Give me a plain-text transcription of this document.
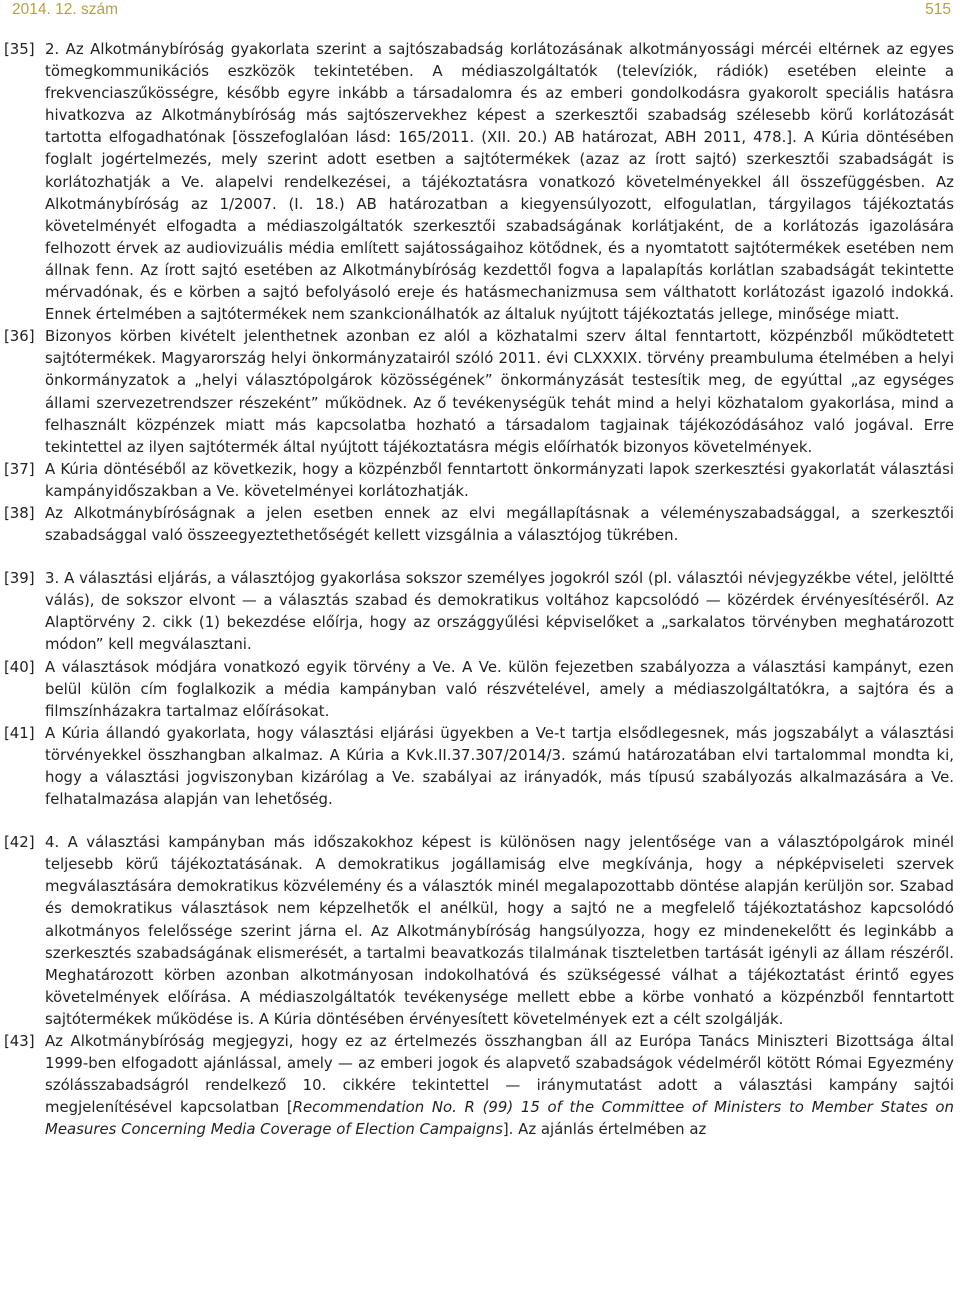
2014. 12. szám	515
[35] 2. Az Alkotmánybíróság gyakorlata szerint a sajtószabadság korlátozásának alkotmányossági mércéi eltérnek az egyes tömegkommunikációs eszközök tekintetében. A médiaszolgáltatók (televíziók, rádiók) esetében eleinte a frekvenciaszűkösségre, később egyre inkább a társadalomra és az emberi gondolkodásra gyakorolt speciális hatásra hivatkozva az Alkotmánybíróság más sajtószervekhez képest a szerkesztői szabadság szélesebb körű korlátozását tartotta elfogadhatónak [összefoglalóan lásd: 165/2011. (XII. 20.) AB határozat, ABH 2011, 478.]. A Kúria döntésében foglalt jogértelmezés, mely szerint adott esetben a sajtótermékek (azaz az írott sajtó) szerkesztői szabadságát is korlátozhatják a Ve. alapelvi rendelkezései, a tájékoztatásra vonatkozó követelményekkel áll összefüggésben. Az Alkotmánybíróság az 1/2007. (I. 18.) AB határozatban a kiegyensúlyozott, elfogulatlan, tárgyilagos tájékoztatás követelményét elfogadta a médiaszolgáltatók szerkesztői szabadságának korlátjaként, de a korlátozás igazolására felhozott érvek az audiovizuális média említett sajátosságaihoz kötődnek, és a nyomtatott sajtótermékek esetében nem állnak fenn. Az írott sajtó esetében az Alkotmánybíróság kezdettől fogva a lapalapítás korlátlan szabadságát tekintette mérvadónak, és e körben a sajtó befolyásoló ereje és hatásmechanizmusa sem válthatott korlátozást igazoló indokká. Ennek értelmében a sajtótermékek nem szankcionálhatók az általuk nyújtott tájékoztatás jellege, minősége miatt.
[36] Bizonyos körben kivételt jelenthetnek azonban ez alól a közhatalmi szerv által fenntartott, közpénzből működtetett sajtótermékek. Magyarország helyi önkormányzatairól szóló 2011. évi CLXXXIX. törvény preambuluma ételmében a helyi önkormányzatok a „helyi választópolgárok közösségének” önkormányzását testesítik meg, de egyúttal „az egységes állami szervezetrendszer részeként” működnek. Az ő tevékenységük tehát mind a helyi közhatalom gyakorlása, mind a felhasznált közpénzek miatt más kapcsolatba hozható a társadalom tagjainak tájékozódásához való jogával. Erre tekintettel az ilyen sajtótermék által nyújtott tájékoztatásra mégis előírhatók bizonyos követelmények.
[37] A Kúria döntéséből az következik, hogy a közpénzből fenntartott önkormányzati lapok szerkesztési gyakorlatát választási kampányidőszakban a Ve. követelményei korlátozhatják.
[38] Az Alkotmánybíróságnak a jelen esetben ennek az elvi megállapításnak a véleményszabadsággal, a szerkesztői szabadsággal való összeegyeztethetőségét kellett vizsgálnia a választójog tükrében.
[39] 3. A választási eljárás, a választójog gyakorlása sokszor személyes jogokról szól (pl. választói névjegyzékbe vétel, jelöltté válás), de sokszor elvont — a választás szabad és demokratikus voltához kapcsolódó — közérdek érvényesítéséről. Az Alaptörvény 2. cikk (1) bekezdése előírja, hogy az országgyűlési képviselőket a „sarkalatos törvényben meghatározott módon” kell megválasztani.
[40] A választások módjára vonatkozó egyik törvény a Ve. A Ve. külön fejezetben szabályozza a választási kampányt, ezen belül külön cím foglalkozik a média kampányban való részvételével, amely a médiaszolgáltatókra, a sajtóra és a filmszínházakra tartalmaz előírásokat.
[41] A Kúria állandó gyakorlata, hogy választási eljárási ügyekben a Ve-t tartja elsődlegesnek, más jogszabályt a választási törvényekkel összhangban alkalmaz. A Kúria a Kvk.II.37.307/2014/3. számú határozatában elvi tartalommal mondta ki, hogy a választási jogviszonyban kizárólag a Ve. szabályai az irányadók, más típusú szabályozás alkalmazására a Ve. felhatalmazása alapján van lehetőség.
[42] 4. A választási kampányban más időszakokhoz képest is különösen nagy jelentősége van a választópolgárok minél teljesebb körű tájékoztatásának. A demokratikus jogállamiság elve megkívánja, hogy a népképviseleti szervek megválasztására demokratikus közvélemény és a választók minél megalapozottabb döntése alapján kerüljön sor. Szabad és demokratikus választások nem képzelhetők el anélkül, hogy a sajtó ne a megfelelő tájékoztatáshoz kapcsolódó alkotmányos felelőssége szerint járna el. Az Alkotmánybíróság hangsúlyozza, hogy ez mindenekelőtt és leginkább a szerkesztés szabadságának elismerését, a tartalmi beavatkozás tilalmának tiszteletben tartását igényli az állam részéről. Meghatározott körben azonban alkotmányosan indokolhatóvá és szükségessé válhat a tájékoztatást érintő egyes követelmények előírása. A médiaszolgáltatók tevékenysége mellett ebbe a körbe vonható a közpénzből fenntartott sajtótermékek működése is. A Kúria döntésében érvényesített követelmények ezt a célt szolgálják.
[43] Az Alkotmánybíróság megjegyzi, hogy ez az értelmezés összhangban áll az Európa Tanács Miniszteri Bizottsága által 1999-ben elfogadott ajánlással, amely — az emberi jogok és alapvető szabadságok védelméről kötött Római Egyezmény szólásszabadságról rendelkező 10. cikkére tekintettel — iránymutatást adott a választási kampány sajtói megjelenítésével kapcsolatban [Recommendation No. R (99) 15 of the Committee of Ministers to Member States on Measures Concerning Media Coverage of Election Campaigns]. Az ajánlás értelmében az
